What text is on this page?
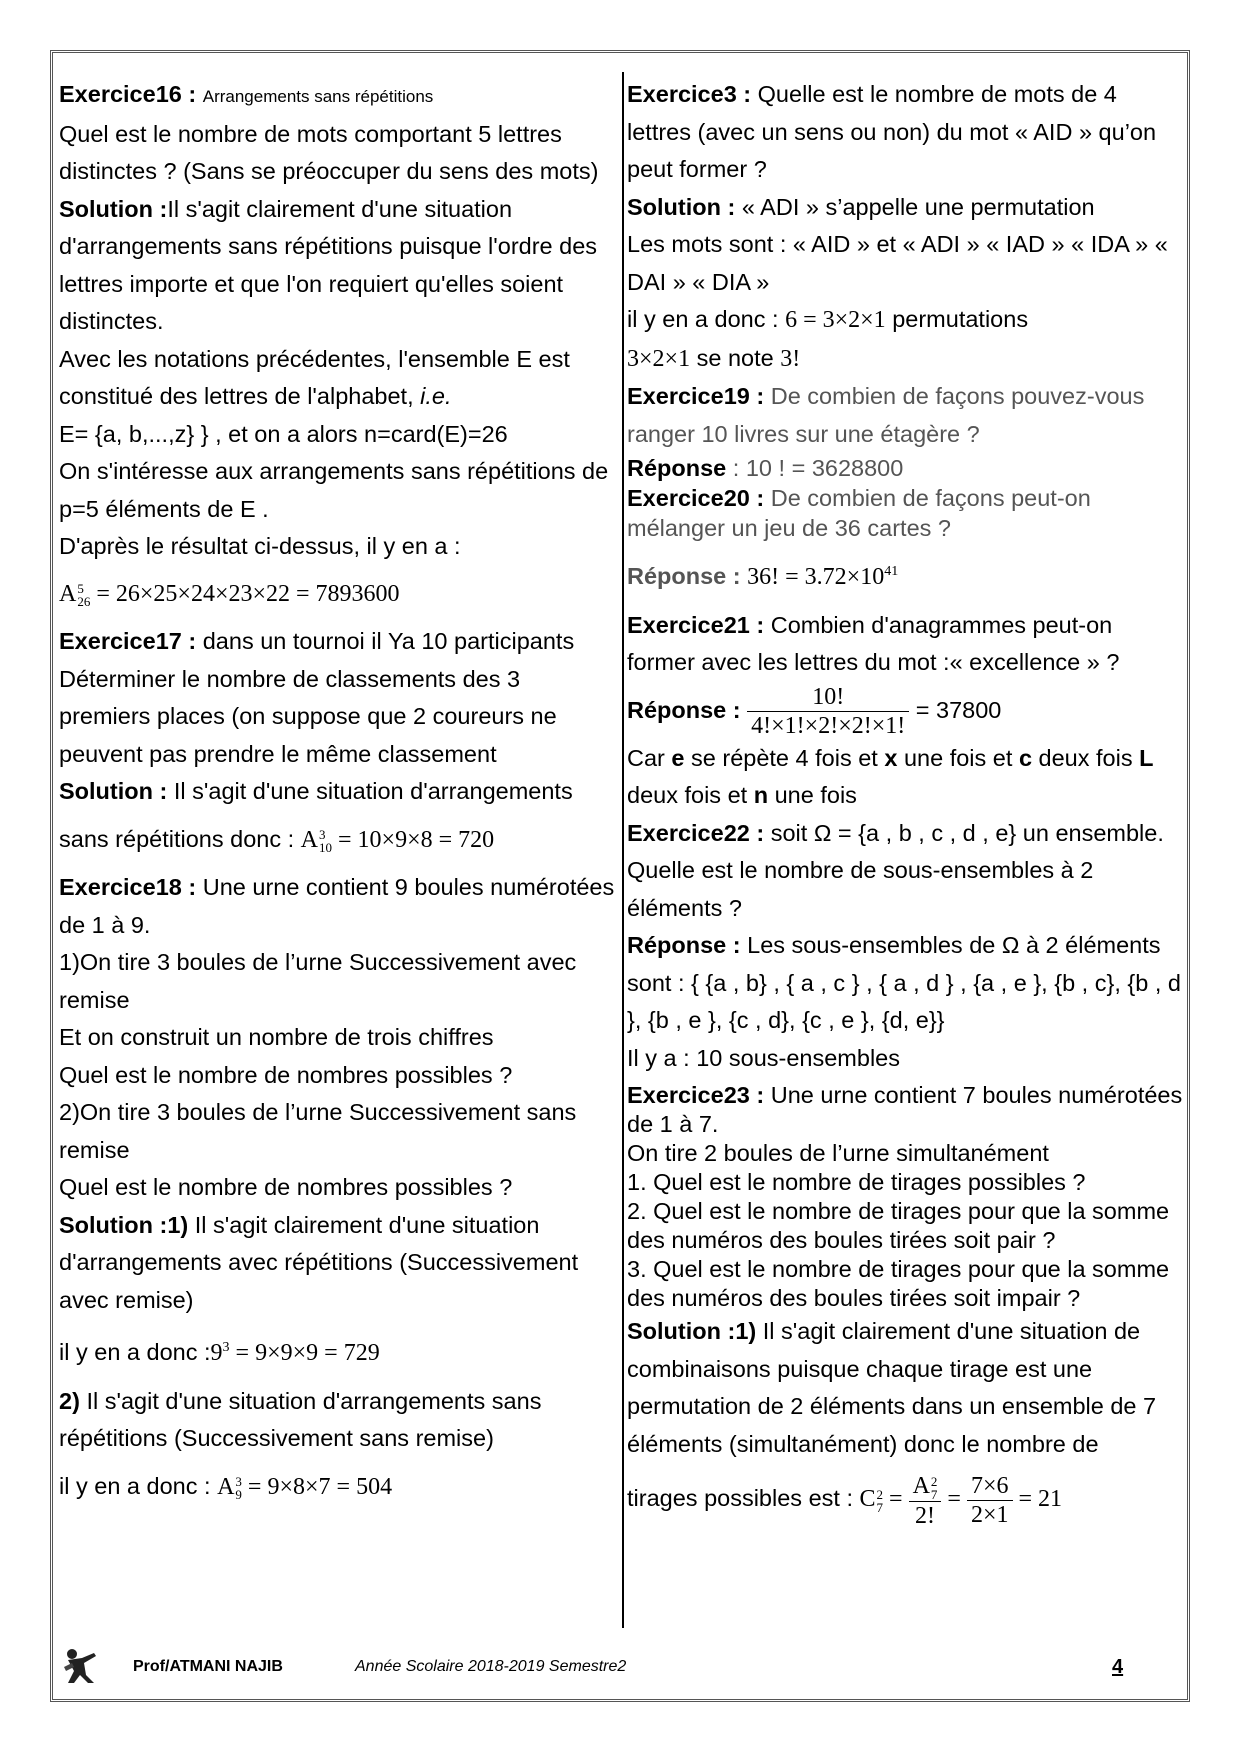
Exercice16 : Arrangements sans répétitions

Quel est le nombre de mots comportant 5 lettres distinctes ? (Sans se préoccuper du sens des mots)

Solution :Il s'agit clairement d'une situation d'arrangements sans répétitions puisque l'ordre des lettres importe et que l'on requiert qu'elles soient distinctes.

Avec les notations précédentes, l'ensemble E est constitué des lettres de l'alphabet, i.e.

E= {a, b,...,z} } , et on a alors n=card(E)=26

On s'intéresse aux arrangements sans répétitions de p=5 éléments de E .

D'après le résultat ci-dessus, il y en a :

A 5
26 = 26×25×24×23×22 = 7893600

Exercice17 : dans un tournoi il Ya 10 participants Déterminer le nombre de classements des 3 premiers places (on suppose que 2 coureurs ne peuvent pas prendre le même classement

Solution : Il s'agit d'une situation d'arrangements

sans répétitions donc : A 3
10 = 10×9×8 = 720

Exercice18 : Une urne contient 9 boules numérotées de 1 à 9.

1)On tire 3 boules de l’urne Successivement avec remise

Et on construit un nombre de trois chiffres

Quel est le nombre de nombres possibles ?

2)On tire 3 boules de l’urne Successivement sans remise

Quel est le nombre de nombres possibles ?

Solution :1) Il s'agit clairement d'une situation d'arrangements avec répétitions (Successivement avec remise)

il y en a donc $:9^3 = 9\times 9\times 9 = 729$

2) Il s'agit d'une situation d'arrangements sans répétitions (Successivement sans remise)

il y en a donc : A 3
9 = 9×8×7 = 504

Exercice3 : Quelle est le nombre de mots de 4 lettres (avec un sens ou non) du mot « AID » qu’on peut former ?

Solution : « ADI » s’appelle une permutation

Les mots sont : « AID » et « ADI » « IAD » « IDA » « DAI » « DIA »

il y en a donc : 6 = 3×2×1 permutations

3×2×1 se note 3!

Exercice19 : De combien de façons pouvez-vous ranger 10 livres sur une étagère ?

Réponse : 10 ! = 3628800

Exercice20 : De combien de façons peut-on mélanger un jeu de 36 cartes ?

Réponse : 36! = $3.72\times 10^{41}$

Exercice21 : Combien d'anagrammes peut-on former avec les lettres du mot :« excellence » ?

Réponse : $\frac{10!}{4!\times 1!\times 2!\times 2!\times 1!} = 37800$

Car e se répète 4 fois et x une fois et c deux fois L deux fois et n une fois

Exercice22 : soit Ω = {a , b , c , d , e} un ensemble. Quelle est le nombre de sous-ensembles à 2 éléments ?

Réponse : Les sous-ensembles de Ω à 2 éléments sont : { {a , b} , { a , c } , { a , d } , {a , e }, {b , c}, {b , d }, {b , e }, {c , d}, {c , e }, {d, e}}

Il y a : 10 sous-ensembles

Exercice23 : Une urne contient 7 boules numérotées de 1 à 7.

On tire 2 boules de l’urne simultanément

1. Quel est le nombre de tirages possibles ?

2. Quel est le nombre de tirages pour que la somme des numéros des boules tirées soit pair ?

3. Quel est le nombre de tirages pour que la somme des numéros des boules tirées soit impair ?

Solution :1) Il s'agit clairement d'une situation de combinaisons puisque chaque tirage est une permutation de 2 éléments dans un ensemble de 7 éléments (simultanément) donc le nombre de

tirages possibles est : C 2
7 = A 2
7
2! = $\frac{7\times 6}{2\times 1} = 21$

Prof/ATMANI NAJIB	Année Scolaire 2018-2019 Semestre2	4
